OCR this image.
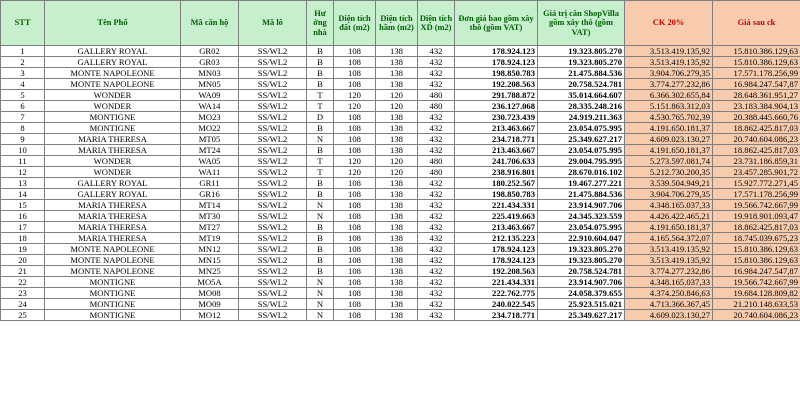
STT	Tên Phố	Mã căn hộ	Mã lô	Hư ớng nhà	Diện tích đất (m2)	Diện tích hầm (m2)	Diện tích XD (m2)	Đơn giá bao gồm xây thô (gồm VAT)	Giá trị căn ShopVilla gồm xây thô (gồm VAT)	CK 20%	Giá sau ck
1	GALLERY ROYAL	GR02	SS/WL2	B	108	138	432	178.924.123	19.323.805.270	3.513.419.135,92	15.810.386.129,63
2	GALLERY ROYAL	GR03	SS/WL2	B	108	138	432	178.924.123	19.323.805.270	3.513.419.135,92	15.810.386.129,63
3	MONTE NAPOLEONE	MN03	SS/WL2	B	108	138	432	198.850.783	21.475.884.536	3.904.706.279,35	17.571.178.256,99
4	MONTE NAPOLEONE	MN05	SS/WL2	B	108	138	432	192.208.563	20.758.524.781	3.774.277.232,86	16.984.247.547,87
5	WONDER	WA09	SS/WL2	T	120	120	480	291.788.872	35.014.664.607	6.366.302.655,84	28.648.361.951,27
6	WONDER	WA14	SS/WL2	T	120	120	480	236.127.068	28.335.248.216	5.151.863.312,03	23.183.384.904,13
7	MONTIGNE	MO23	SS/WL2	D	108	138	432	230.723.439	24.919.211.363	4.530.765.702,39	20.388.445.660,76
8	MONTIGNE	MO22	SS/WL2	B	108	138	432	213.463.667	23.054.075.995	4.191.650.181,37	18.862.425.817,03
9	MARIA THERESA	MT05	SS/WL2	N	108	138	432	234.718.771	25.349.627.217	4.609.023.130,27	20.740.604.086,23
10	MARIA THERESA	MT24	SS/WL2	B	108	138	432	213.463.667	23.054.075.995	4.191.650.181,37	18.862.425.817,03
11	WONDER	WA05	SS/WL2	T	120	120	480	241.706.633	29.004.795.995	5.273.597.081,74	23.731.186.859,31
12	WONDER	WA11	SS/WL2	T	120	120	480	238.916.801	28.670.016.102	5.212.730.200,35	23.457.285.901,72
13	GALLERY ROYAL	GR11	SS/WL2	B	108	138	432	180.252.567	19.467.277.221	3.539.504.949,21	15.927.772.271,45
14	GALLERY ROYAL	GR16	SS/WL2	B	108	138	432	198.850.783	21.475.884.536	3.904.706.279,35	17.571.178.256,99
15	MARIA THERESA	MT14	SS/WL2	N	108	138	432	221.434.331	23.914.907.706	4.348.165.037,33	19.566.742.667,99
16	MARIA THERESA	MT30	SS/WL2	N	108	138	432	225.419.663	24.345.323.559	4.426.422.465,21	19.918.901.093,47
17	MARIA THERESA	MT27	SS/WL2	B	108	138	432	213.463.667	23.054.075.995	4.191.650.181,37	18.862.425.817,03
18	MARIA THERESA	MT19	SS/WL2	B	108	138	432	212.135.223	22.910.604.047	4.165.564.372,07	18.745.039.675,23
19	MONTE NAPOLEONE	MN12	SS/WL2	B	108	138	432	178.924.123	19.323.805.270	3.513.419.135,92	15.810.386.129,63
20	MONTE NAPOLEONE	MN15	SS/WL2	B	108	138	432	178.924.123	19.323.805.270	3.513.419.135,92	15.810.386.129,63
21	MONTE NAPOLEONE	MN25	SS/WL2	B	108	138	432	192.208.563	20.758.524.781	3.774.277.232,86	16.984.247.547,87
22	MONTIGNE	MO5A	SS/WL2	N	108	138	432	221.434.331	23.914.907.706	4.348.165.037,33	19.566.742.667,99
23	MONTIGNE	MO08	SS/WL2	N	108	138	432	222.762.775	24.058.379.655	4.374.250.846,63	19.684.128.809,82
24	MONTIGNE	MO09	SS/WL2	N	108	138	432	240.022.545	25.923.515.021	4.713.366.367,45	21.210.148.633,53
25	MONTIGNE	MO12	SS/WL2	N	108	138	432	234.718.771	25.349.627.217	4.609.023.130,27	20.740.604.086,23
